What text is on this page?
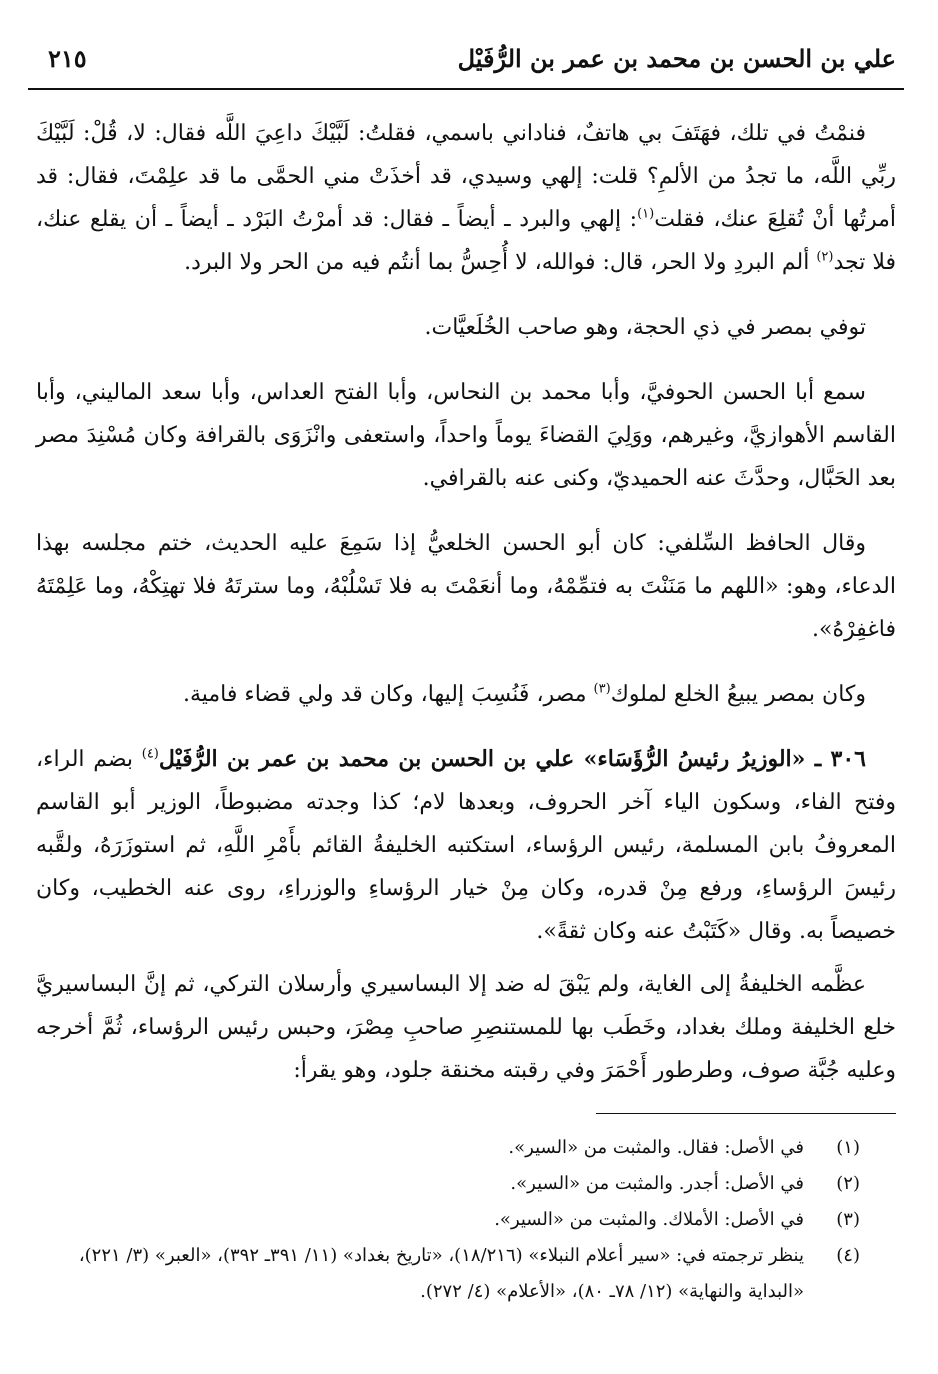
علي بن الحسن بن محمد بن عمر بن الرُّفَيْل
٢١٥

فنمْتُ في تلك، فهَتَفَ بي هاتفٌ، فناداني باسمي، فقلتُ: لَبَّيْكَ داعِيَ اللَّه فقال: لا، قُلْ: لَبَّيْكَ ربِّي اللَّه، ما تجدُ من الألمِ؟ قلت: إلهي وسيدي، قد أخذَتْ مني الحمَّى ما قد علِمْتَ، فقال: قد أمرتُها أنْ تُقلِعَ عنك، فقلت$^{(١)}$: إلهي والبرد ـ أيضاً ـ فقال: قد أمرْتُ البَرْد ـ أيضاً ـ أن يقلع عنك، فلا تجد$^{(٢)}$ ألم البردِ ولا الحر، قال: فوالله، لا أُحِسُّ بما أنتُم فيه من الحر ولا البرد.

توفي بمصر في ذي الحجة، وهو صاحب الخُلَعيَّات.

سمع أبا الحسن الحوفيَّ، وأبا محمد بن النحاس، وأبا الفتح العداس، وأبا سعد الماليني، وأبا القاسم الأهوازيَّ، وغيرهم، ووَلِيَ القضاءَ يوماً واحداً، واستعفى وانْزَوَى بالقرافة وكان مُسْنِدَ مصر بعد الحَبَّال، وحدَّثَ عنه الحميديّ، وكنى عنه بالقرافي.

وقال الحافظ السِّلفي: كان أبو الحسن الخلعيُّ إذا سَمِعَ عليه الحديث، ختم مجلسه بهذا الدعاء، وهو: «اللهم ما مَنَنْتَ به فتمِّمْهُ، وما أنعَمْتَ به فلا تَسْلُبْهُ، وما سترتَهُ فلا تهتِكْهُ، وما عَلِمْتَهُ فاغفِرْهُ».

وكان بمصر يبيعُ الخلع لملوك$^{(٣)}$ مصر، فَنُسِبَ إليها، وكان قد ولي قضاء فامية.

٣٠٦ ـ «الوزيرُ رئيسُ الرُّؤَسَاء» علي بن الحسن بن محمد بن عمر بن الرُّفَيْل$^{(٤)}$ بضم الراء، وفتح الفاء، وسكون الياء آخر الحروف، وبعدها لام؛ كذا وجدته مضبوطاً، الوزير أبو القاسم المعروفُ بابن المسلمة، رئيس الرؤساء، استكتبه الخليفةُ القائم بأَمْرِ اللَّهِ، ثم استوزَرَهُ، ولقَّبه رئيسَ الرؤساءِ، ورفع مِنْ قدره، وكان مِنْ خيار الرؤساءِ والوزراءِ، روى عنه الخطيب، وكان خصيصاً به. وقال «كَتَبْتُ عنه وكان ثقةً».

عظَّمه الخليفةُ إلى الغاية، ولم يَبْقَ له ضد إلا البساسيري وأرسلان التركي، ثم إنَّ البساسيريَّ خلع الخليفة وملك بغداد، وخَطَب بها للمستنصِرِ صاحبِ مِصْرَ، وحبس رئيس الرؤساء، ثُمَّ أخرجه وعليه جُبَّة صوف، وطرطور أَحْمَرَ وفي رقبته مخنقة جلود، وهو يقرأ:

(١)
في الأصل: فقال. والمثبت من «السير».
(٢)
في الأصل: أجدر. والمثبت من «السير».
(٣)
في الأصل: الأملاك. والمثبت من «السير».
(٤)
ينظر ترجمته في: «سير أعلام النبلاء» (١٨/٢١٦)، «تاريخ بغداد» (١١/ ٣٩١ـ ٣٩٢)، «العبر» (٣/ ٢٢١)، «البداية والنهاية» (١٢/ ٧٨ـ ٨٠)، «الأعلام» (٤/ ٢٧٢).
